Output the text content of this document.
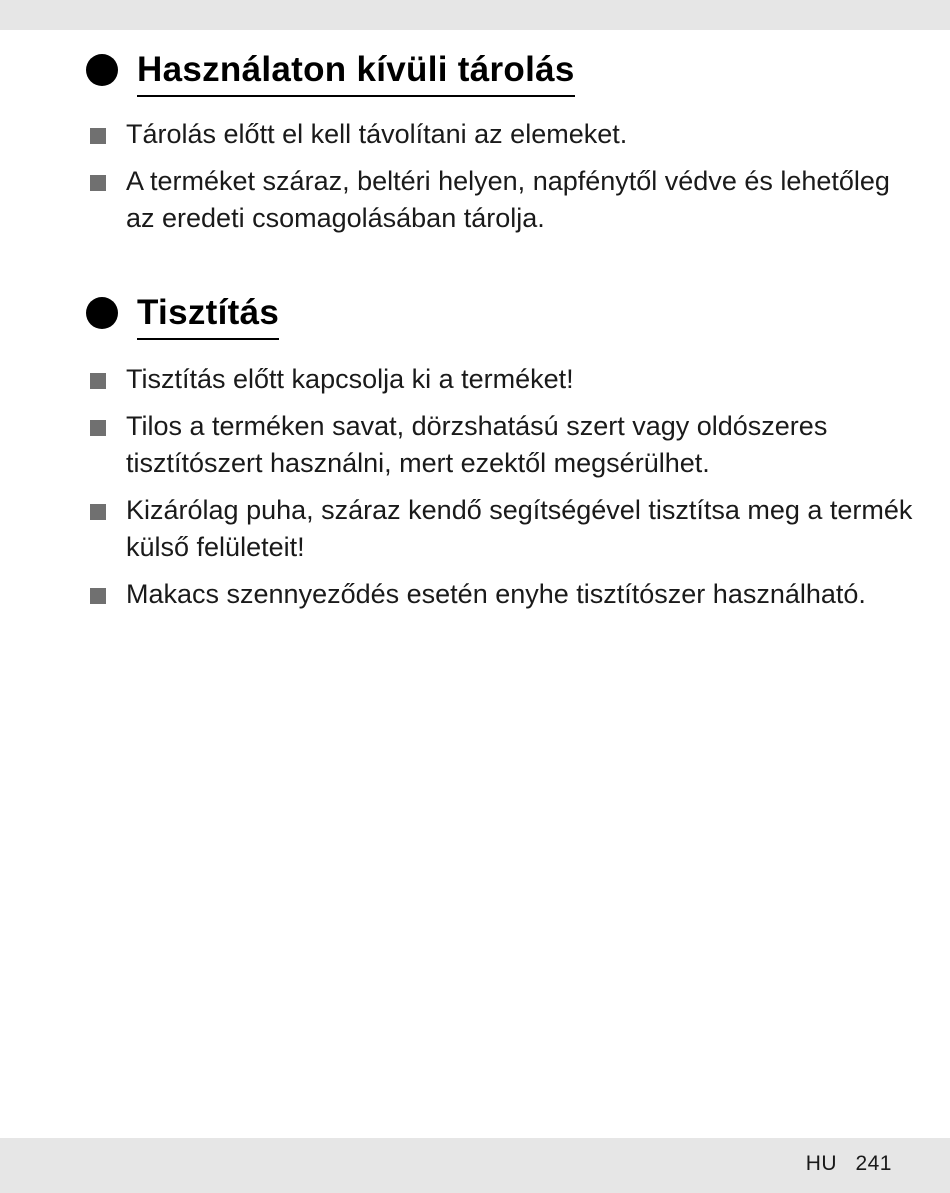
Használaton kívüli tárolás
Tárolás előtt el kell távolítani az elemeket.
A terméket száraz, beltéri helyen, napfénytől védve és lehetőleg az eredeti csomagolásában tárolja.
Tisztítás
Tisztítás előtt kapcsolja ki a terméket!
Tilos a terméken savat, dörzshatású szert vagy oldószeres tisztítószert használni, mert ezektől megsérülhet.
Kizárólag puha, száraz kendő segítségével tisztítsa meg a termék külső felületeit!
Makacs szennyeződés esetén enyhe tisztítószer használható.
HU 241
